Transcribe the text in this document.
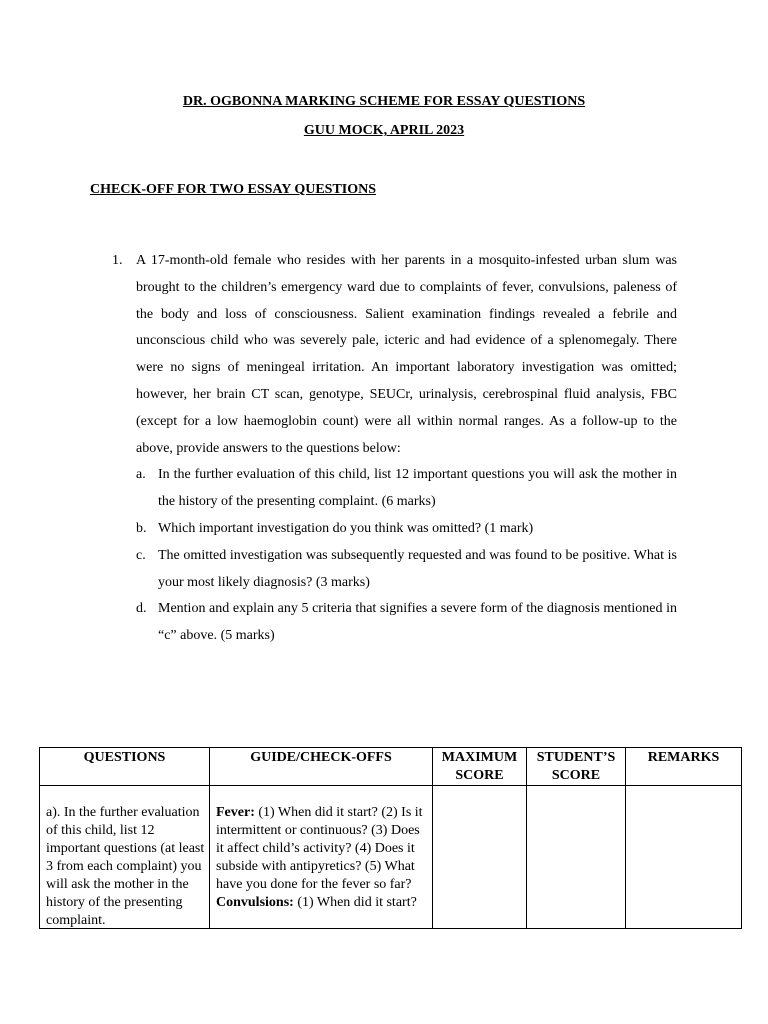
DR. OGBONNA MARKING SCHEME FOR ESSAY QUESTIONS
GUU MOCK, APRIL 2023
CHECK-OFF FOR TWO ESSAY QUESTIONS
1. A 17-month-old female who resides with her parents in a mosquito-infested urban slum was brought to the children’s emergency ward due to complaints of fever, convulsions, paleness of the body and loss of consciousness. Salient examination findings revealed a febrile and unconscious child who was severely pale, icteric and had evidence of a splenomegaly. There were no signs of meningeal irritation. An important laboratory investigation was omitted; however, her brain CT scan, genotype, SEUCr, urinalysis, cerebrospinal fluid analysis, FBC (except for a low haemoglobin count) were all within normal ranges. As a follow-up to the above, provide answers to the questions below:
a. In the further evaluation of this child, list 12 important questions you will ask the mother in the history of the presenting complaint. (6 marks)
b. Which important investigation do you think was omitted? (1 mark)
c. The omitted investigation was subsequently requested and was found to be positive. What is your most likely diagnosis? (3 marks)
d. Mention and explain any 5 criteria that signifies a severe form of the diagnosis mentioned in “c” above. (5 marks)
QUESTIONS	GUIDE/CHECK-OFFS	MAXIMUM SCORE	STUDENT’S SCORE	REMARKS

a). In the further evaluation of this child, list 12 important questions (at least 3 from each complaint) you will ask the mother in the history of the presenting complaint.	Fever: (1) When did it start? (2) Is it intermittent or continuous? (3) Does it affect child’s activity? (4) Does it subside with antipyretics? (5) What have you done for the fever so far?
Convulsions: (1) When did it start?			
